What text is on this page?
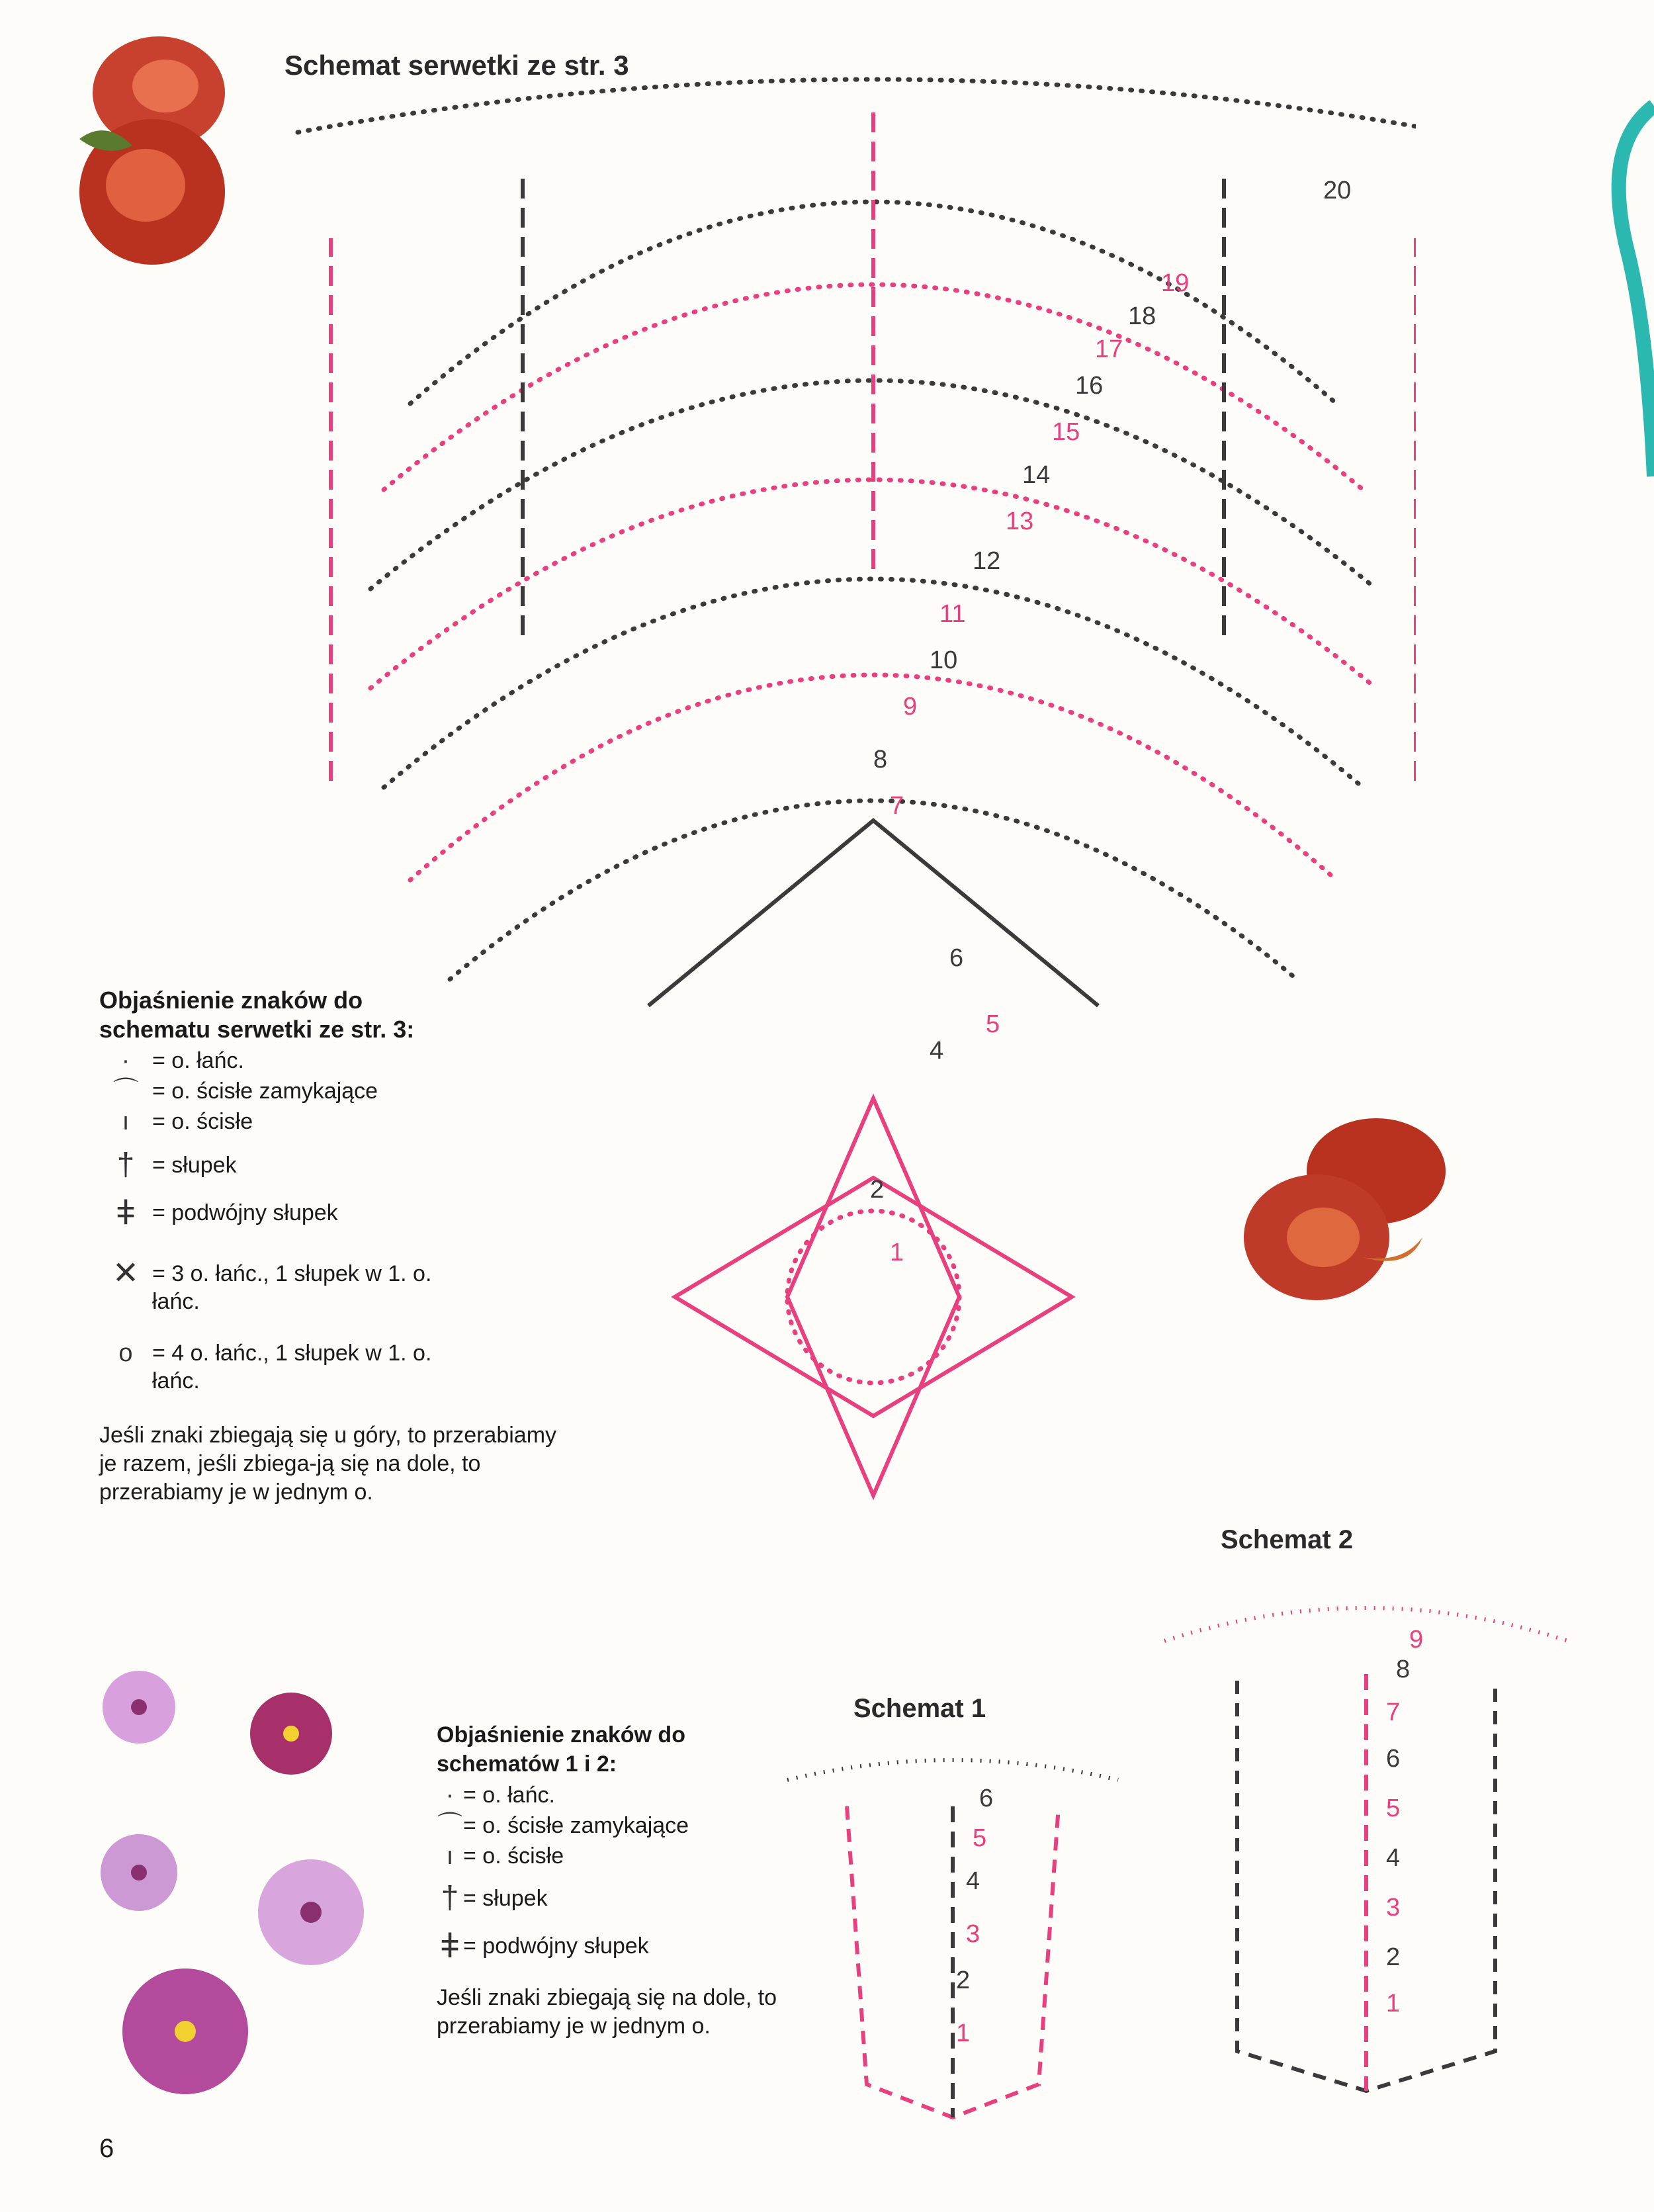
Schemat serwetki ze str. 3
1
2
4
5
6
7
8
9
10
11
12
13
14
15
16
17
18
19
20
Objaśnienie znaków do schematu serwetki ze str. 3:
· = o. łańc.
⌒ = o. ścisłe zamykające
ı	= o. ścisłe
† = słupek
ǂ = podwójny słupek
✕ = 3 o. łańc., 1 słupek w 1. o. łańc.
o = 4 o. łańc., 1 słupek w 1. o. łańc.
Jeśli znaki zbiegają się u góry, to przerabiamy je razem, jeśli zbiega-ją się na dole, to przerabiamy je w jednym o.
Schemat 2
1
2
3
4
5
6
7
8
9
Schemat 1
1
2
3
4
5
6
Objaśnienie znaków do schematów 1 i 2:
· = o. łańc.
⌒ = o. ścisłe zamykające
ı = o. ścisłe
† = słupek
ǂ = podwójny słupek
Jeśli znaki zbiegają się na dole, to przerabiamy je w jednym o.
6
